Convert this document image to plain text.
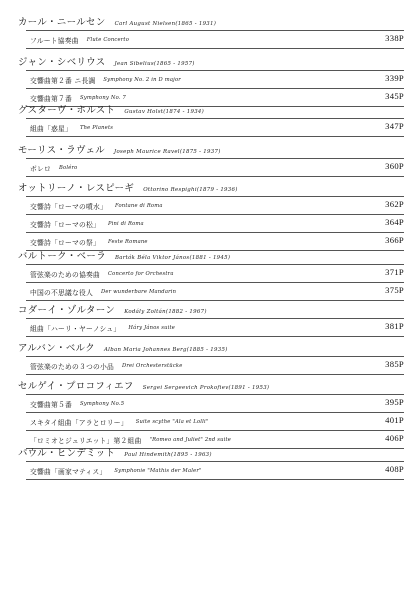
カール・ニールセン Carl August Nielsen(1865 - 1931)
フルート協奏曲 Flute Concerto	338P
ジャン・シベリウス Jean Sibelius(1865 - 1957)
交響曲第２番 ニ長調 Symphony No. 2 in D major	339P
交響曲第７番 Symphony No. 7	345P
グスターヴ・ホルスト Gustav Holst(1874 - 1934)
組曲「惑星」 The Planets	347P
モーリス・ラヴェル Joseph Maurice Ravel(1875 - 1937)
ボレロ Boléro	360P
オットリーノ・レスピーギ Ottorino Respighi(1879 - 1936)
交響詩「ローマの噴水」 Fontane di Roma	362P
交響詩「ローマの松」 Pini di Roma	364P
交響詩「ローマの祭」 Feste Romane	366P
バルトーク・ベーラ Bartók Béla Viktor János(1881 - 1945)
管弦楽のための協奏曲 Concerto for Orchestra	371P
中国の不思議な役人 Der wunderbare Mandarin	375P
コダーイ・ゾルターン Kodály Zoltán(1882 - 1967)
組曲「ハーリ・ヤーノシュ」 Háry János suite	381P
アルバン・ベルク Alban Maria Johannes Berg(1885 - 1935)
管弦楽のための３つの小品 Drei Orchesterstücke	385P
セルゲイ・プロコフィエフ Sergei Sergeevich Prokofiev(1891 - 1953)
交響曲第５番 Symphony No.5	395P
スキタイ組曲「アラとロリー」 Suite scythe "Ala et Lolli"	401P
「ロミオとジュリエット」第２組曲 "Romeo and Juliet" 2nd suite	406P
パウル・ヒンデミット Paul Hindemith(1895 - 1963)
交響曲「画家マティス」 Symphonie "Mathis der Maler"	408P
